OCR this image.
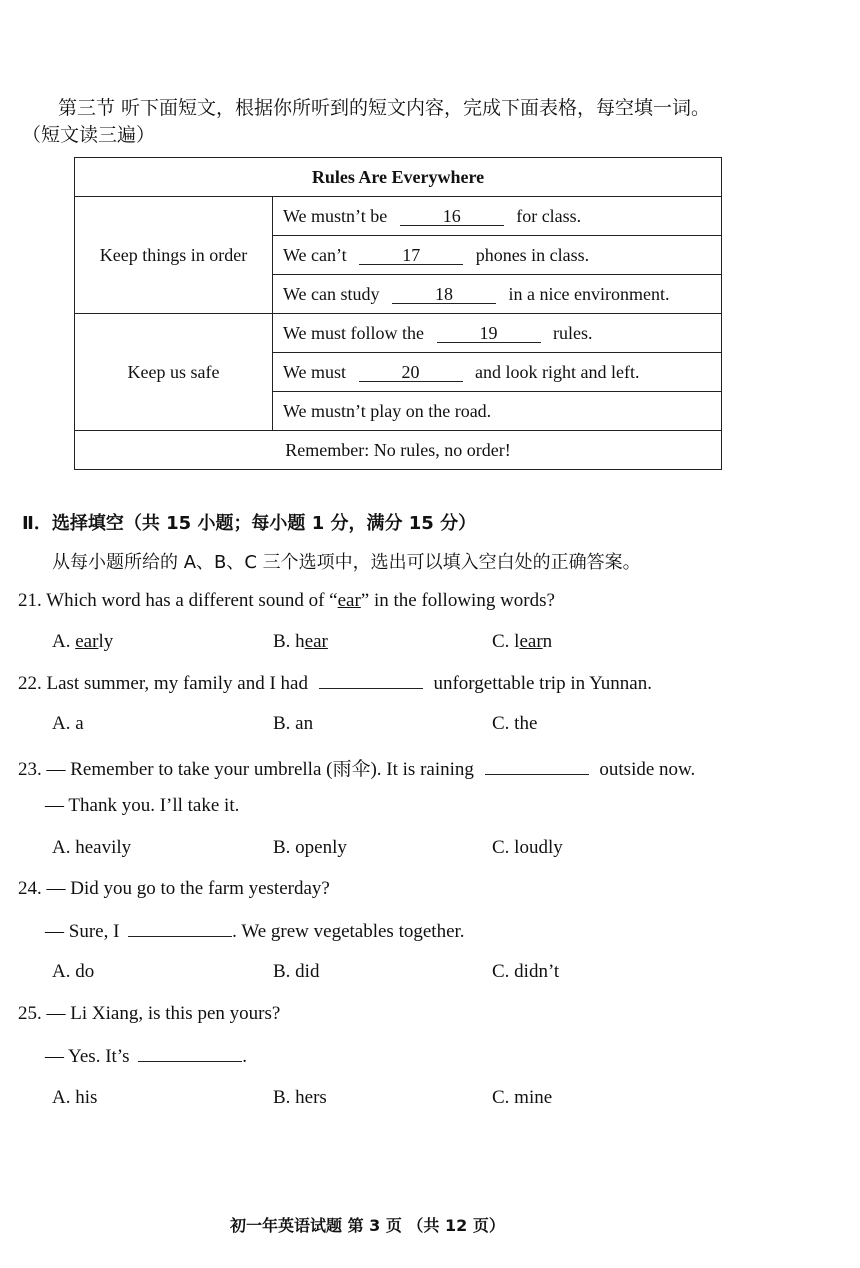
第三节 听下面短文，根据你所听到的短文内容，完成下面表格，每空填一词。
（短文读三遍）
Rules Are Everywhere	
Keep things in order	We mustn’t be 16 for class.
	We can’t 17 phones in class.
	We can study 18 in a nice environment.
Keep us safe	We must follow the 19 rules.
	We must 20 and look right and left.
	We mustn’t play on the road.
Remember: No rules, no order!	
Ⅱ．选择填空（共 15 小题；每小题 1 分，满分 15 分）
从每小题所给的 A、B、C 三个选项中，选出可以填入空白处的正确答案。
21. Which word has a different sound of “ear” in the following words?
A. early	B. hear	C. learn
22. Last summer, my family and I had	unforgettable trip in Yunnan.
A. a	B. an	C. the
23. — Remember to take your umbrella (雨伞). It is raining	outside now.
— Thank you. I’ll take it.
A. heavily	B. openly	C. loudly
24. — Did you go to the farm yesterday?
— Sure, I	. We grew vegetables together.
A. do	B. did	C. didn’t
25. — Li Xiang, is this pen yours?
— Yes. It’s	.
A. his	B. hers	C. mine
初一年英语试题 第 3 页 （共 12 页）
